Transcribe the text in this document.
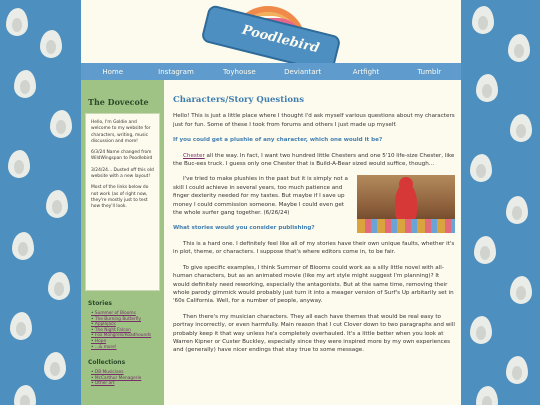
Poodlebird
Home	Instagram	Toyhouse	Deviantart	Artfight	Tumblr
The Dovecote

Hello, I'm Goldie and welcome to my website for characters, writing, music discussion and more!

6/3/24 Name changed from WildWingspan to Poodlebird

3/24/24... Dusted off this old website with a new layout!

Most of the links below do not work (as of right now, they're mostly just to test how they'll look.

Stories
• Summer of Blooms
• The Burning Butterfly
• Applejack
• The Night Falcon
• Fox Mongrels/Roadhounds
• Hope
• ...& more!
Collections
• DB Musicians
• McCarthur Menagerie
• Other art
Characters/Story Questions

Hello! This is just a little place where I thought I'd ask myself various questions about my characters just for fun. Some of these I took from forums and others I just made up myself.

If you could get a plushie of any character, which one would it be?

Chester all the way. In fact, I want two hundred little Chesters and one 5'10 life-size Chester, like the Buc-ees truck. I guess only one Chester that is Build-A-Bear sized would suffice, though...

I've tried to make plushies in the past but it is simply not a skill I could achieve in several years, too much patience and finger dexterity needed for my tastes. But maybe if I save up money I could commission someone. Maybe I could even get the whole surfer gang together. (6/26/24)

What stories would you consider publishing?

This is a hard one. I definitely feel like all of my stories have their own unique faults, whether it's in plot, theme, or characters. I suppose that's where editors come in, to be fair.

To give specific examples, I think Summer of Blooms could work as a silly little novel with all-human characters, but as an animated movie (like my art style might suggest I'm planning)? It would definitely need reworking, especially the antagonists. But at the same time, removing their whole parody gimmick would probably just turn it into a meager version of Surf's Up arbitarily set in '60s California. Well, for a number of people, anyway.

Then there's my musician characters. They all each have themes that would be real easy to portray incorrectly, or even harmfully. Main reason that I cut Clover down to two paragraphs and will probably keep it that way unless he's completely overhauled. It's a little better when you look at Warren Kipner or Custer Buckley, especially since they were inspired more by my own experiences and (generally) have nicer endings that stay true to some message.
